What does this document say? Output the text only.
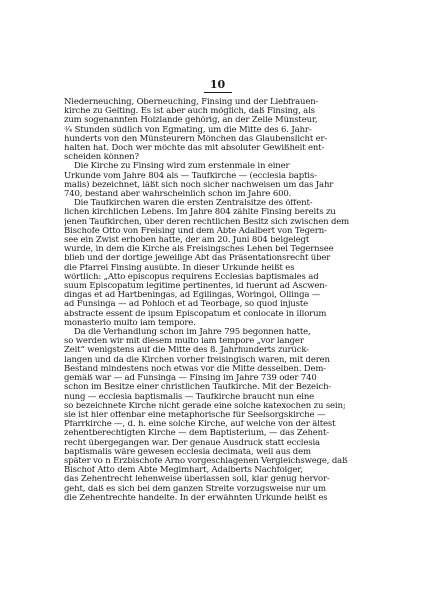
10
Niederneuching, Oberneuching, Finsing und der Liebfrauen-
kirche zu Gelting. Es ist aber auch möglich, daß Finsing, als
zum sogenannten Holzlande gehörig, an der Zelle Münsteur,
¾ Stunden südlich von Egmating, um die Mitte des 6. Jahr-
hunderts von den Münsteurern Mönchen das Glaubenslicht er-
halten hat. Doch wer möchte das mit absoluter Gewißheit ent-
scheiden können?
Die Kirche zu Finsing wird zum erstenmale in einer
Urkunde vom Jahre 804 als — Taufkirche — (ecclesia baptis-
malis) bezeichnet, läßt sich noch sicher nachweisen um das Jahr
740, bestand aber wahrscheinlich schon im Jahre 600.
Die Taufkirchen waren die ersten Zentralsitze des öffent-
lichen kirchlichen Lebens. Im Jahre 804 zählte Finsing bereits zu
jenen Taufkirchen, über deren rechtlichen Besitz sich zwischen dem
Bischofe Otto von Freising und dem Abte Adalbert von Tegern-
see ein Zwist erhoben hatte, der am 20. Juni 804 beigelegt
wurde, in dem die Kirche als Freisingsches Lehen bei Tegernsee
blieb und der dortige jeweilige Abt das Präsentationsrecht über
die Pfarrei Finsing ausübte. In dieser Urkunde heißt es
wörtlich: „Atto episcopus requirens Ecclesias baptismales ad
suum Episcopatum legitime pertinentes, id fuerunt ad Ascwen-
dingas et ad Hartbeningas, ad Egilingas, Woringoi, Ollinga —
ad Funsinga — ad Pohloch et ad Teorbage, so quod injuste
abstracte essent de ipsum Episcopatum et conlocate in illorum
monasterio multo iam tempore.
Da die Verhandlung schon im Jahre 795 begonnen hatte,
so werden wir mit diesem multo iam tempore „vor langer
Zeit“ wenigstens auf die Mitte des 8. Jahrhunderts zurück-
langen und da die Kirchen vorher freisingisch waren, mit deren
Bestand mindestens noch etwas vor die Mitte desselben. Dem-
gemäß war — ad Funsinga — Finsing im Jahre 739 oder 740
schon im Besitze einer christlichen Taufkirche. Mit der Bezeich-
nung — ecclesia baptismalis — Taufkirche braucht nun eine
so bezeichnete Kirche nicht gerade eine solche katexochen zu sein;
sie ist hier offenbar eine metaphorische für Seelsorgskirche —
Pfarrkirche —, d. h. eine solche Kirche, auf welche von der ältest
zehentberechtigten Kirche — dem Baptisterium, — das Zehent-
recht übergegangen war. Der genaue Ausdruck statt ecclesia
baptismalis wäre gewesen ecclesia decimata, weil aus dem
später vo n Erzbischofe Arno vorgeschlagenen Vergleichswege, daß
Bischof Atto dem Abte Megimhart, Adalberts Nachfolger,
das Zehentrecht lehenweise überlassen soll, klar genug hervor-
geht, daß es sich bei dem ganzen Streite vorzugsweise nur um
die Zehentrechte handelte. In der erwähnten Urkunde heißt es
